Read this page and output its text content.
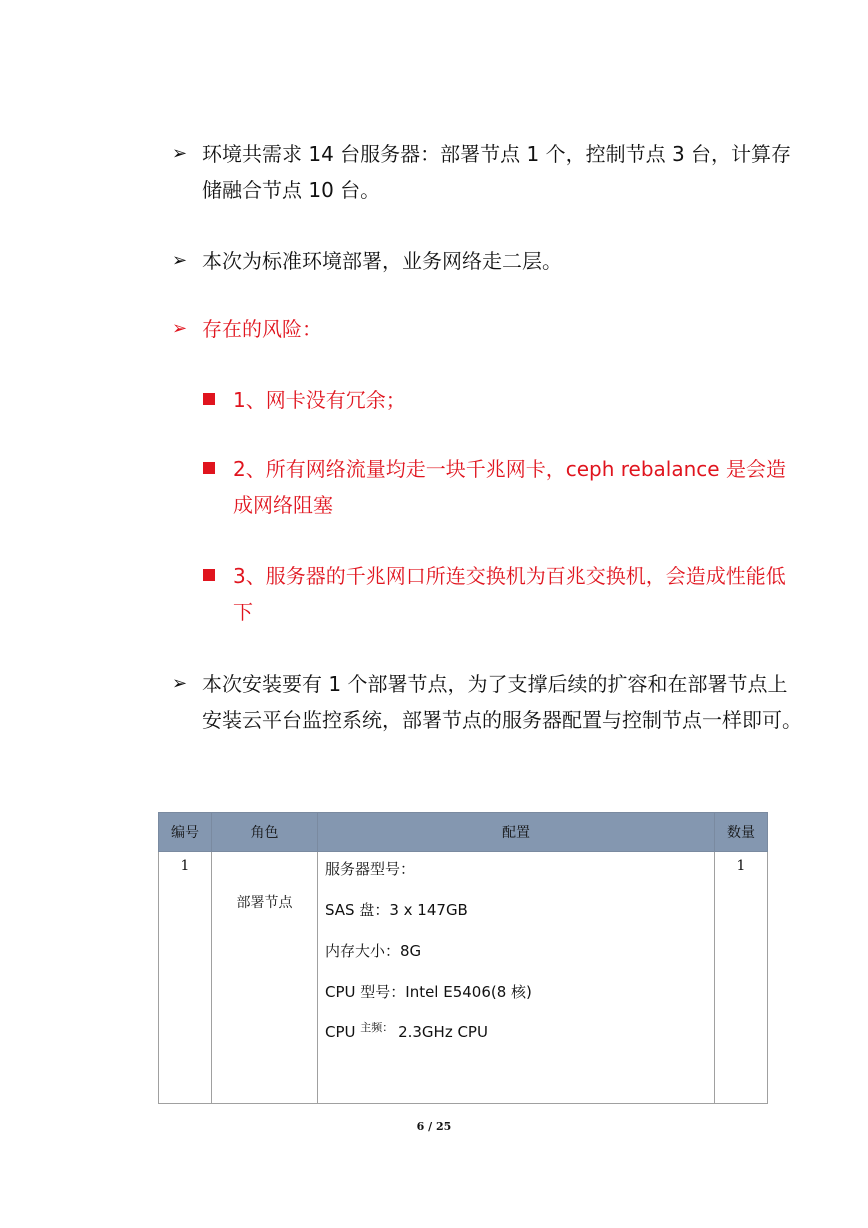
➢ 环境共需求 14 台服务器：部署节点 1 个，控制节点 3 台，计算存储融合节点 10 台。
➢ 本次为标准环境部署，业务网络走二层。
➢ 存在的风险：
1、网卡没有冗余；
2、所有网络流量均走一块千兆网卡，ceph rebalance 是会造成网络阻塞
3、服务器的千兆网口所连交换机为百兆交换机，会造成性能低下
➢ 本次安装要有 1 个部署节点，为了支撑后续的扩容和在部署节点上安装云平台监控系统，部署节点的服务器配置与控制节点一样即可。
编号	角色	配置	数量
1	部署节点	服务器型号：
SAS 盘：3 x 147GB
内存大小：8G
CPU 型号：Intel E5406(8 核)
CPU $^{主频:}$ 2.3GHz CPU	1
6 / 25
